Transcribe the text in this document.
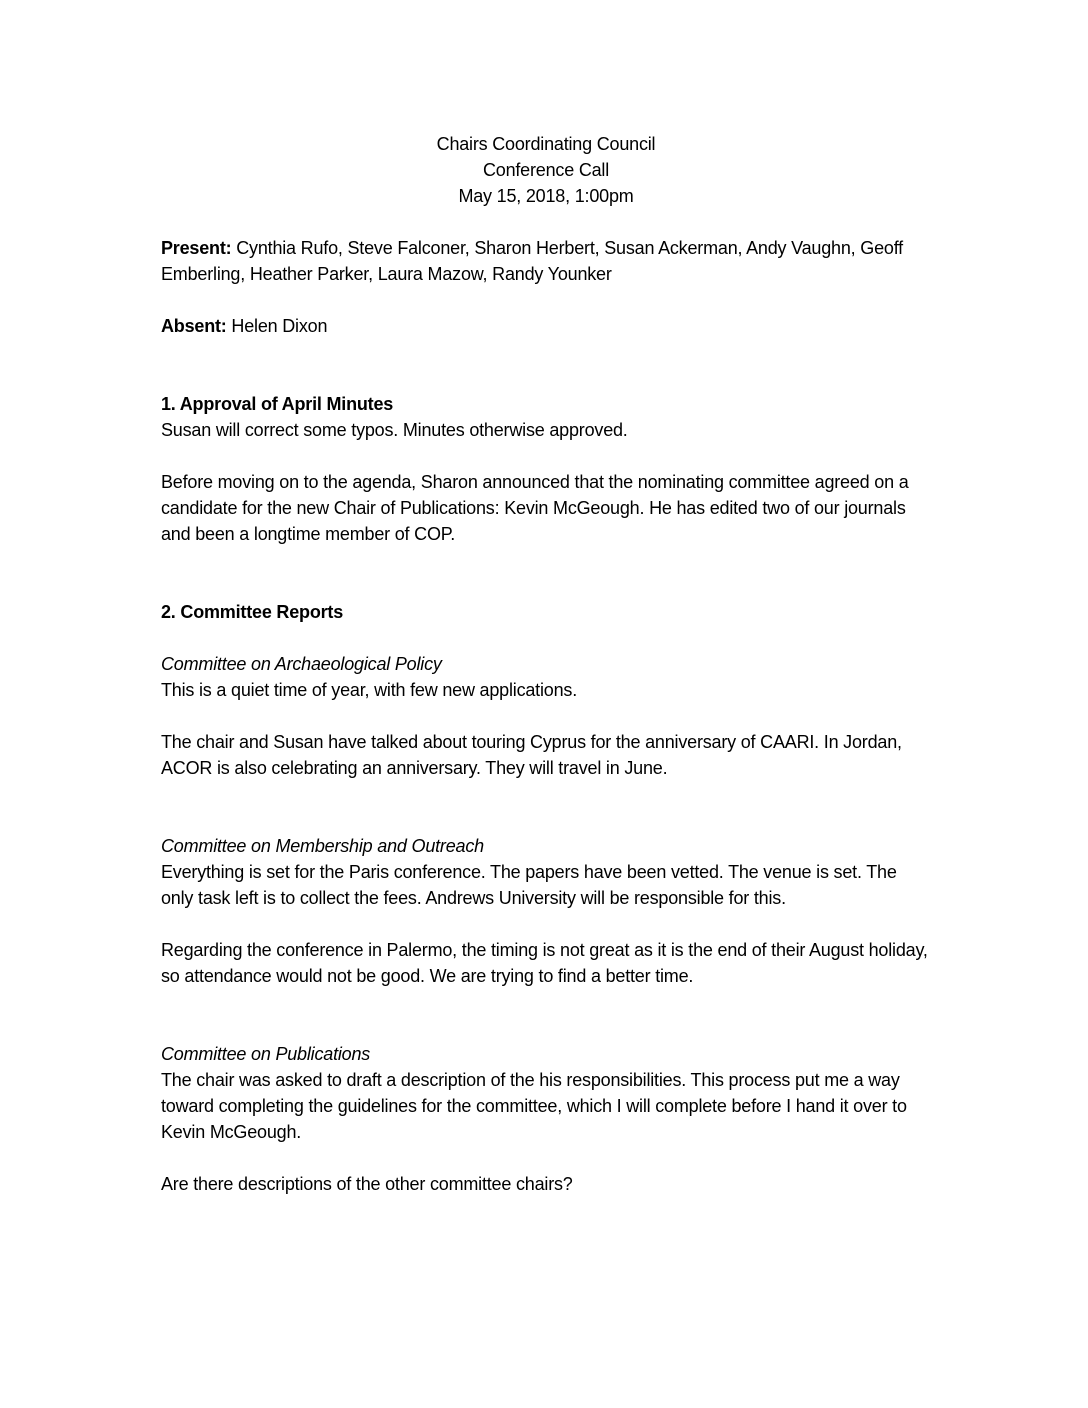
Chairs Coordinating Council

Conference Call

May 15, 2018, 1:00pm

Present: Cynthia Rufo, Steve Falconer, Sharon Herbert, Susan Ackerman, Andy Vaughn, Geoff Emberling, Heather Parker, Laura Mazow, Randy Younker

Absent: Helen Dixon

1. Approval of April Minutes

Susan will correct some typos. Minutes otherwise approved.

Before moving on to the agenda, Sharon announced that the nominating committee agreed on a candidate for the new Chair of Publications: Kevin McGeough. He has edited two of our journals and been a longtime member of COP.

2. Committee Reports

Committee on Archaeological Policy

This is a quiet time of year, with few new applications.

The chair and Susan have talked about touring Cyprus for the anniversary of CAARI. In Jordan, ACOR is also celebrating an anniversary. They will travel in June.

Committee on Membership and Outreach

Everything is set for the Paris conference. The papers have been vetted. The venue is set. The only task left is to collect the fees. Andrews University will be responsible for this.

Regarding the conference in Palermo, the timing is not great as it is the end of their August holiday, so attendance would not be good. We are trying to find a better time.

Committee on Publications

The chair was asked to draft a description of the his responsibilities. This process put me a way toward completing the guidelines for the committee, which I will complete before I hand it over to Kevin McGeough.

Are there descriptions of the other committee chairs?
